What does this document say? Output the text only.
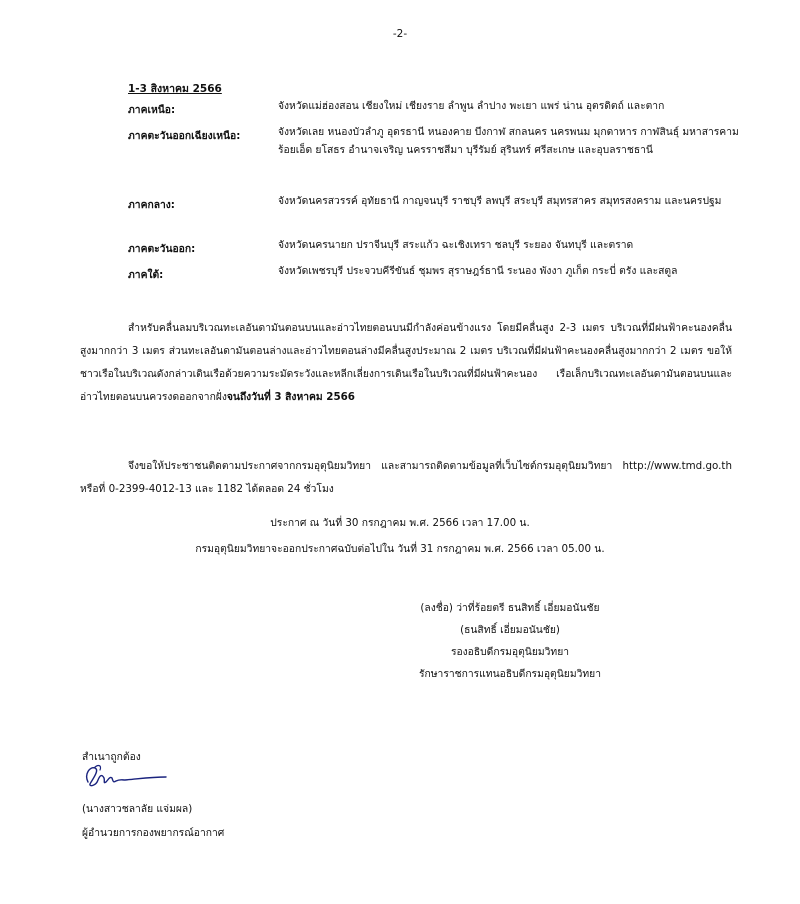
-2-
1-3 สิงหาคม 2566
ภาคเหนือ:	จังหวัดแม่ฮ่องสอน เชียงใหม่ เชียงราย ลำพูน ลำปาง พะเยา แพร่ น่าน อุตรดิตถ์ และตาก
ภาคตะวันออกเฉียงเหนือ:	จังหวัดเลย หนองบัวลำภู อุดรธานี หนองคาย บึงกาฬ สกลนคร นครพนม มุกดาหาร กาฬสินธุ์ มหาสารคาม ร้อยเอ็ด ยโสธร อำนาจเจริญ นครราชสีมา บุรีรัมย์ สุรินทร์ ศรีสะเกษ และอุบลราชธานี
ภาคกลาง:	จังหวัดนครสวรรค์ อุทัยธานี กาญจนบุรี ราชบุรี ลพบุรี สระบุรี สมุทรสาคร สมุทรสงคราม และนครปฐม
ภาคตะวันออก:	จังหวัดนครนายก ปราจีนบุรี สระแก้ว ฉะเชิงเทรา ชลบุรี ระยอง จันทบุรี และตราด
ภาคใต้:	จังหวัดเพชรบุรี ประจวบคีรีขันธ์ ชุมพร สุราษฎร์ธานี ระนอง พังงา ภูเก็ต กระบี่ ตรัง และสตูล
สำหรับคลื่นลมบริเวณทะเลอันดามันตอนบนและอ่าวไทยตอนบนมีกำลังค่อนข้างแรง โดยมีคลื่นสูง 2-3 เมตร บริเวณที่มีฝนฟ้าคะนองคลื่นสูงมากกว่า 3 เมตร ส่วนทะเลอันดามันตอนล่างและอ่าวไทยตอนล่างมีคลื่นสูงประมาณ 2 เมตร บริเวณที่มีฝนฟ้าคะนองคลื่นสูงมากกว่า 2 เมตร ขอให้ชาวเรือในบริเวณดังกล่าวเดินเรือด้วยความระมัดระวังและหลีกเลี่ยงการเดินเรือในบริเวณที่มีฝนฟ้าคะนอง เรือเล็กบริเวณทะเลอันดามันตอนบนและอ่าวไทยตอนบนควรงดออกจากฝั่งจนถึงวันที่ 3 สิงหาคม 2566
จึงขอให้ประชาชนติดตามประกาศจากกรมอุตุนิยมวิทยา และสามารถติดตามข้อมูลที่เว็บไซต์กรมอุตุนิยมวิทยา http://www.tmd.go.th หรือที่ 0-2399-4012-13 และ 1182 ได้ตลอด 24 ชั่วโมง
ประกาศ ณ วันที่ 30 กรกฎาคม พ.ศ. 2566 เวลา 17.00 น.
กรมอุตุนิยมวิทยาจะออกประกาศฉบับต่อไปใน วันที่ 31 กรกฎาคม พ.ศ. 2566 เวลา 05.00 น.
(ลงชื่อ) ว่าที่ร้อยตรี ธนสิทธิ์ เอี่ยมอนันชัย
(ธนสิทธิ์ เอี่ยมอนันชัย)
รองอธิบดีกรมอุตุนิยมวิทยา
รักษาราชการแทนอธิบดีกรมอุตุนิยมวิทยา
สำเนาถูกต้อง
(นางสาวชลาลัย แจ่มผล)
ผู้อำนวยการกองพยากรณ์อากาศ
